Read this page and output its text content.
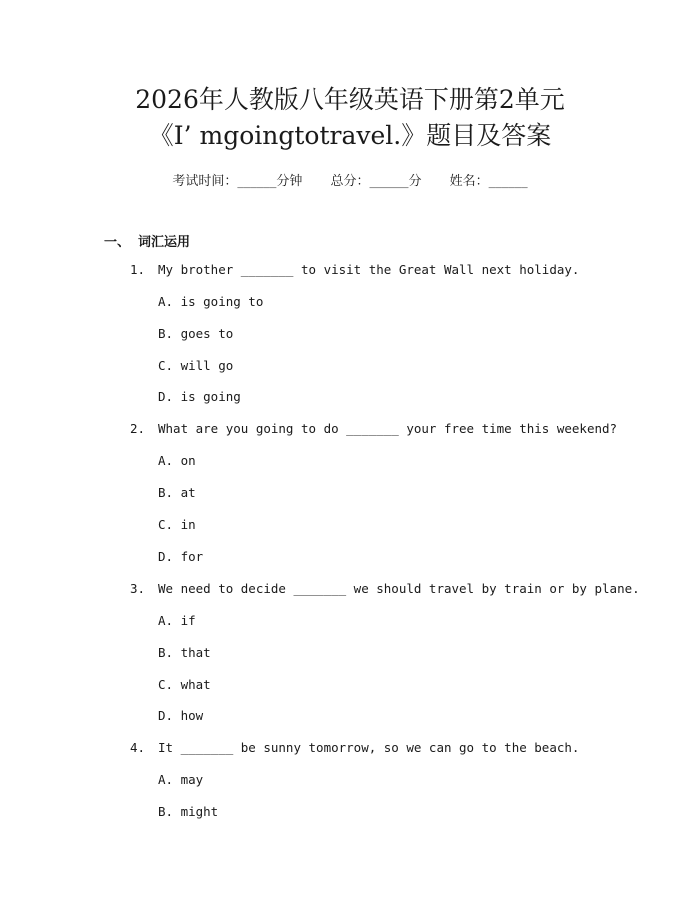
2026年人教版八年级英语下册第2单元
《I’ mgoingtotravel.》题目及答案
考试时间：______分钟 总分：______分 姓名：______
一、 词汇运用
1. My brother _______ to visit the Great Wall next holiday.
A. is going to
B. goes to
C. will go
D. is going
2. What are you going to do _______ your free time this weekend?
A. on
B. at
C. in
D. for
3. We need to decide _______ we should travel by train or by plane.
A. if
B. that
C. what
D. how
4. It _______ be sunny tomorrow, so we can go to the beach.
A. may
B. might
